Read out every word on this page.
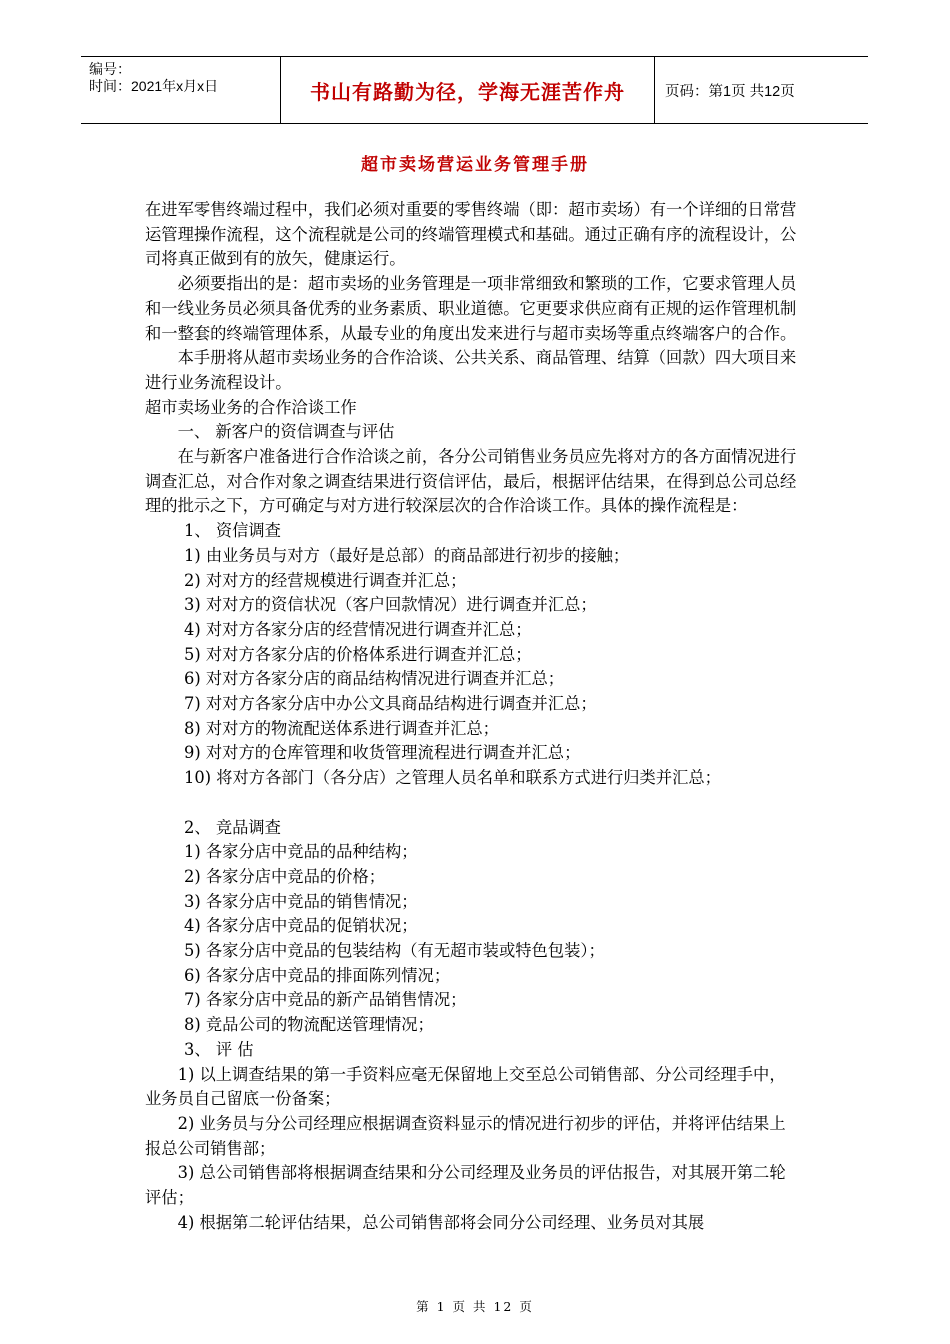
编号：
时间：2021年x月x日	书山有路勤为径，学海无涯苦作舟	页码：第1页 共12页
超市卖场营运业务管理手册

在进军零售终端过程中，我们必须对重要的零售终端（即：超市卖场）有一个详细的日常营运管理操作流程，这个流程就是公司的终端管理模式和基础。通过正确有序的流程设计，公司将真正做到有的放矢，健康运行。

必须要指出的是：超市卖场的业务管理是一项非常细致和繁琐的工作，它要求管理人员和一线业务员必须具备优秀的业务素质、职业道德。它更要求供应商有正规的运作管理机制和一整套的终端管理体系，从最专业的角度出发来进行与超市卖场等重点终端客户的合作。

本手册将从超市卖场业务的合作洽谈、公共关系、商品管理、结算（回款）四大项目来进行业务流程设计。

超市卖场业务的合作洽谈工作

一、 新客户的资信调查与评估

在与新客户准备进行合作洽谈之前，各分公司销售业务员应先将对方的各方面情况进行调查汇总，对合作对象之调查结果进行资信评估，最后，根据评估结果，在得到总公司总经理的批示之下，方可确定与对方进行较深层次的合作洽谈工作。具体的操作流程是：

1、 资信调查

1) 由业务员与对方（最好是总部）的商品部进行初步的接触；

2) 对对方的经营规模进行调查并汇总；

3) 对对方的资信状况（客户回款情况）进行调查并汇总；

4) 对对方各家分店的经营情况进行调查并汇总；

5) 对对方各家分店的价格体系进行调查并汇总；

6) 对对方各家分店的商品结构情况进行调查并汇总；

7) 对对方各家分店中办公文具商品结构进行调查并汇总；

8) 对对方的物流配送体系进行调查并汇总；

9) 对对方的仓库管理和收货管理流程进行调查并汇总；

10) 将对方各部门（各分店）之管理人员名单和联系方式进行归类并汇总；

2、 竞品调查

1) 各家分店中竞品的品种结构；

2) 各家分店中竞品的价格；

3) 各家分店中竞品的销售情况；

4) 各家分店中竞品的促销状况；

5) 各家分店中竞品的包装结构（有无超市装或特色包装）；

6) 各家分店中竞品的排面陈列情况；

7) 各家分店中竞品的新产品销售情况；

8) 竞品公司的物流配送管理情况；

3、 评 估

1) 以上调查结果的第一手资料应毫无保留地上交至总公司销售部、分公司经理手中，业务员自己留底一份备案；

2) 业务员与分公司经理应根据调查资料显示的情况进行初步的评估，并将评估结果上报总公司销售部；

3) 总公司销售部将根据调查结果和分公司经理及业务员的评估报告，对其展开第二轮评估；

4) 根据第二轮评估结果，总公司销售部将会同分公司经理、业务员对其展

第 1 页 共 12 页
